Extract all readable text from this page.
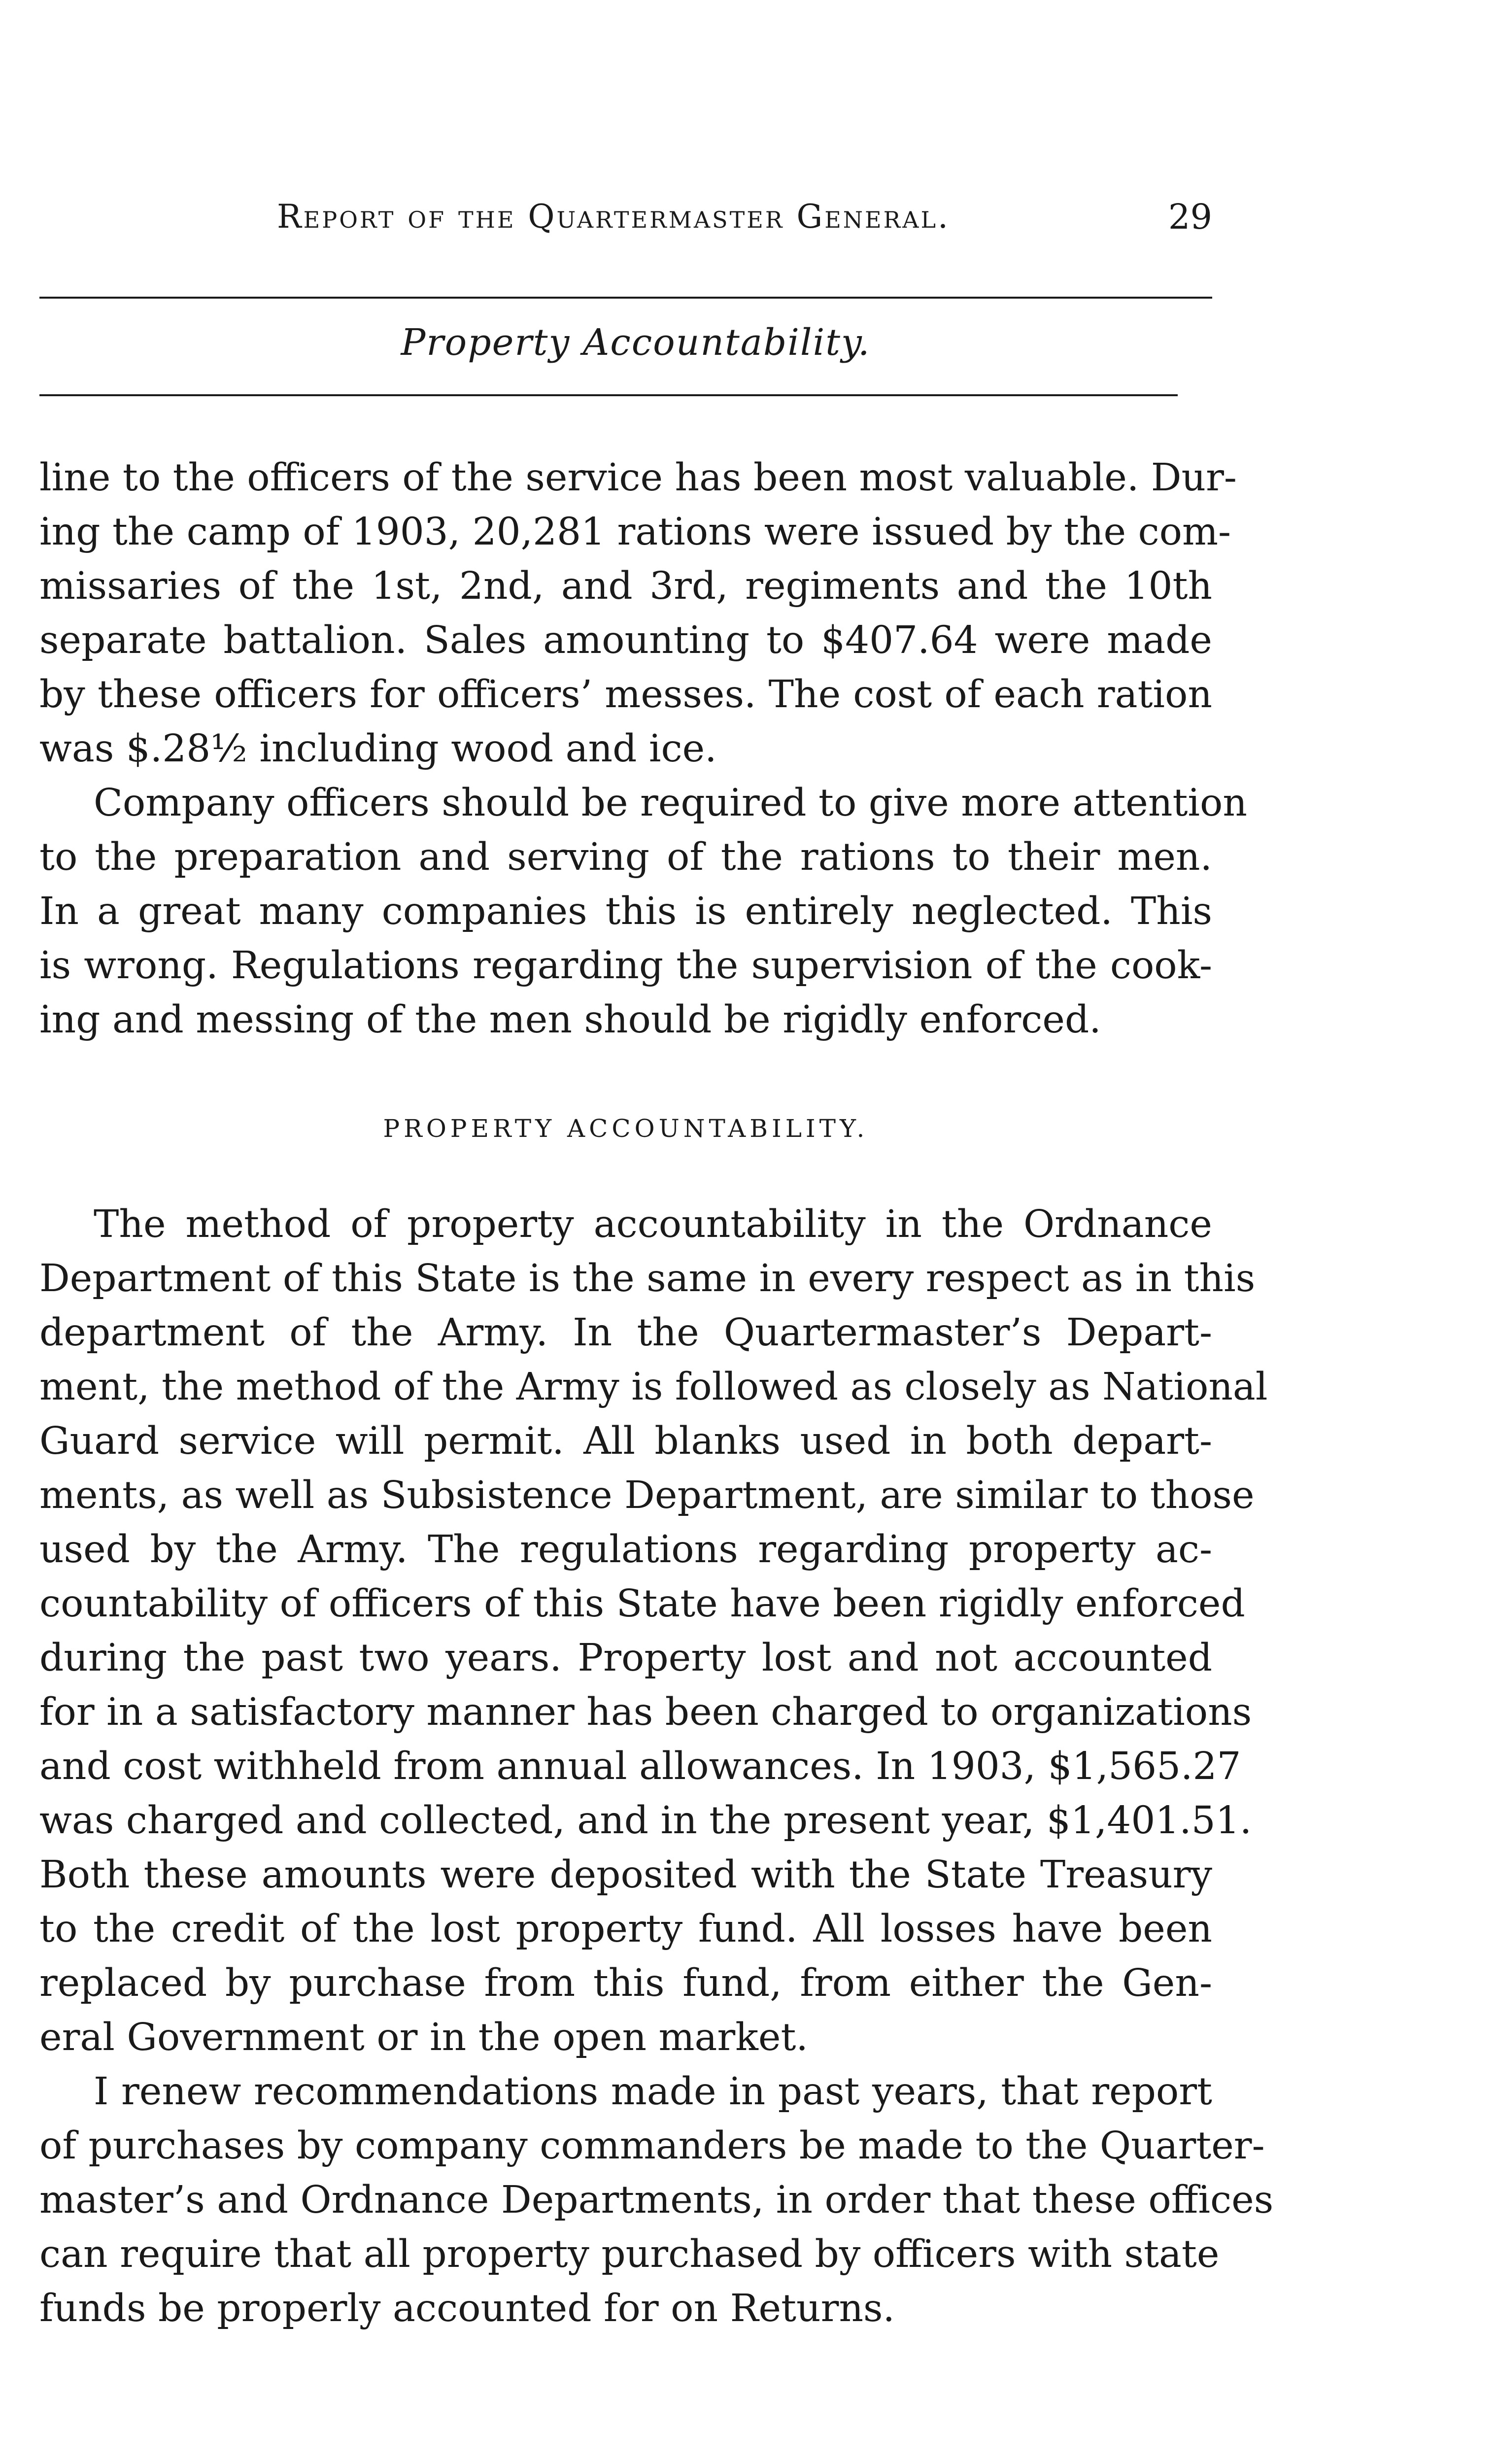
Report of the Quartermaster General.	29
Property Accountability.
line to the officers of the service has been most valuable. Dur-
ing the camp of 1903, 20,281 rations were issued by the com-
missaries of the 1st, 2nd, and 3rd, regiments and the 10th
separate battalion. Sales amounting to $407.64 were made
by these officers for officers’ messes. The cost of each ration
was $.28½ including wood and ice.
Company officers should be required to give more attention
to the preparation and serving of the rations to their men.
In a great many companies this is entirely neglected. This
is wrong. Regulations regarding the supervision of the cook-
ing and messing of the men should be rigidly enforced.
PROPERTY ACCOUNTABILITY.
The method of property accountability in the Ordnance
Department of this State is the same in every respect as in this
department of the Army. In the Quartermaster’s Depart-
ment, the method of the Army is followed as closely as National
Guard service will permit. All blanks used in both depart-
ments, as well as Subsistence Department, are similar to those
used by the Army. The regulations regarding property ac-
countability of officers of this State have been rigidly enforced
during the past two years. Property lost and not accounted
for in a satisfactory manner has been charged to organizations
and cost withheld from annual allowances. In 1903, $1,565.27
was charged and collected, and in the present year, $1,401.51.
Both these amounts were deposited with the State Treasury
to the credit of the lost property fund. All losses have been
replaced by purchase from this fund, from either the Gen-
eral Government or in the open market.
I renew recommendations made in past years, that report
of purchases by company commanders be made to the Quarter-
master’s and Ordnance Departments, in order that these offices
can require that all property purchased by officers with state
funds be properly accounted for on Returns.
